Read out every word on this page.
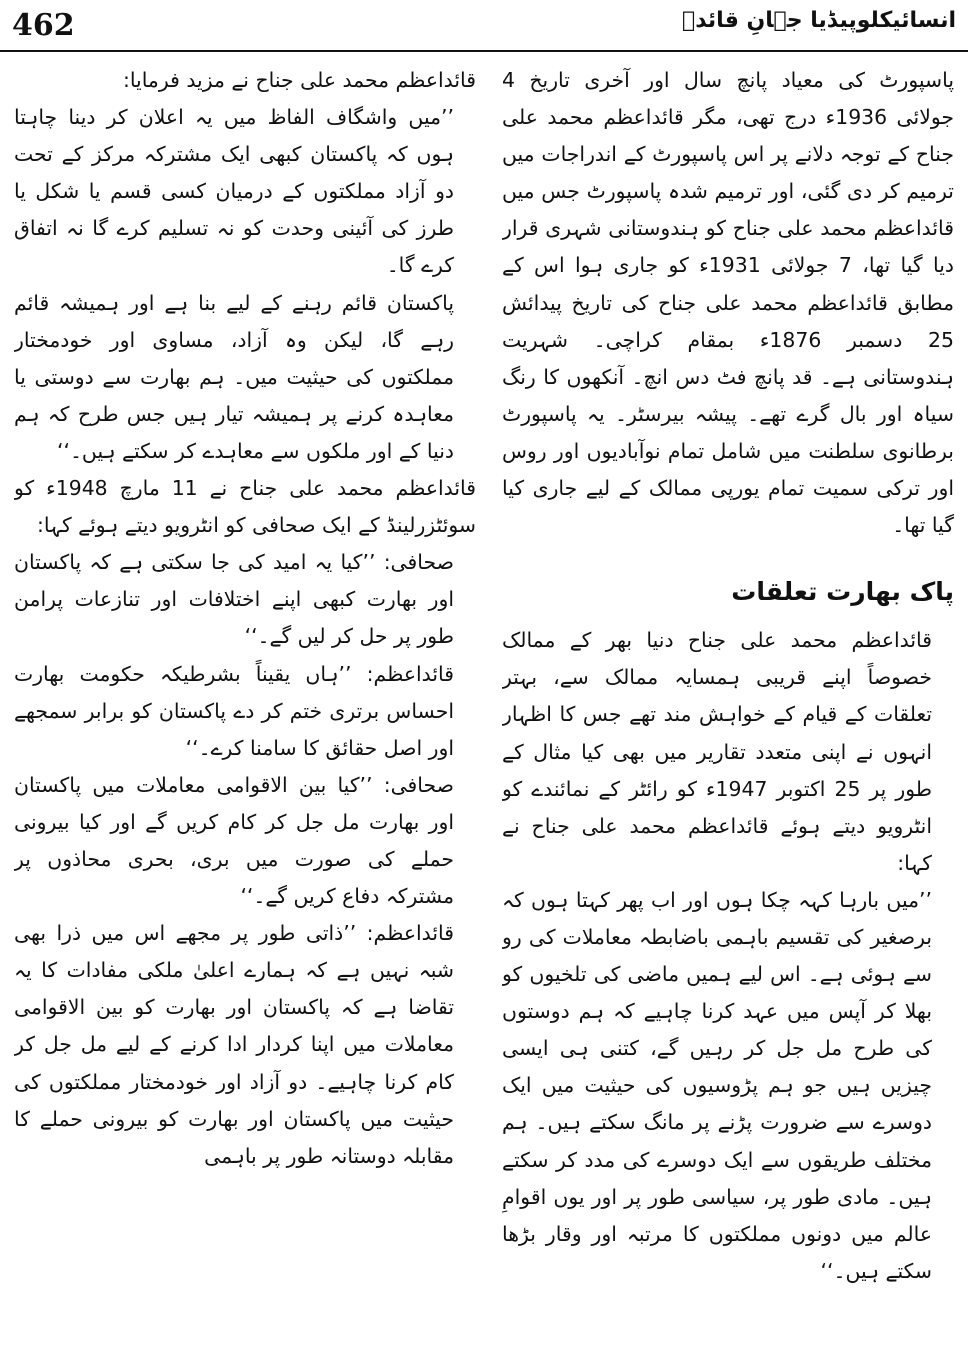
462	انسائیکلوپیڈیا جہانِ قائدؒ

پاسپورٹ کی معیاد پانچ سال اور آخری تاریخ 4 جولائی 1936ء درج تھی، مگر قائداعظم محمد علی جناح کے توجہ دلانے پر اس پاسپورٹ کے اندراجات میں ترمیم کر دی گئی، اور ترمیم شدہ پاسپورٹ جس میں قائداعظم محمد علی جناح کو ہندوستانی شہری قرار دیا گیا تھا، 7 جولائی 1931ء کو جاری ہوا اس کے مطابق قائداعظم محمد علی جناح کی تاریخ پیدائش 25 دسمبر 1876ء بمقام کراچی۔ شہریت ہندوستانی ہے۔ قد پانچ فٹ دس انچ۔ آنکھوں کا رنگ سیاہ اور بال گرے تھے۔ پیشہ بیرسٹر۔ یہ پاسپورٹ برطانوی سلطنت میں شامل تمام نوآبادیوں اور روس اور ترکی سمیت تمام یورپی ممالک کے لیے جاری کیا گیا تھا۔

پاک بھارت تعلقات

قائداعظم محمد علی جناح دنیا بھر کے ممالک خصوصاً اپنے قریبی ہمسایہ ممالک سے، بہتر تعلقات کے قیام کے خواہش مند تھے جس کا اظہار انہوں نے اپنی متعدد تقاریر میں بھی کیا مثال کے طور پر 25 اکتوبر 1947ء کو رائٹر کے نمائندے کو انٹرویو دیتے ہوئے قائداعظم محمد علی جناح نے کہا:

’’میں بارہا کہہ چکا ہوں اور اب پھر کہتا ہوں کہ برصغیر کی تقسیم باہمی باضابطہ معاملات کی رو سے ہوئی ہے۔ اس لیے ہمیں ماضی کی تلخیوں کو بھلا کر آپس میں عہد کرنا چاہیے کہ ہم دوستوں کی طرح مل جل کر رہیں گے، کتنی ہی ایسی چیزیں ہیں جو ہم پڑوسیوں کی حیثیت میں ایک دوسرے سے ضرورت پڑنے پر مانگ سکتے ہیں۔ ہم مختلف طریقوں سے ایک دوسرے کی مدد کر سکتے ہیں۔ مادی طور پر، سیاسی طور پر اور یوں اقوامِ عالم میں دونوں مملکتوں کا مرتبہ اور وقار بڑھا سکتے ہیں۔‘‘

قائداعظم محمد علی جناح نے مزید فرمایا:

’’میں واشگاف الفاظ میں یہ اعلان کر دینا چاہتا ہوں کہ پاکستان کبھی ایک مشترکہ مرکز کے تحت دو آزاد مملکتوں کے درمیان کسی قسم یا شکل یا طرز کی آئینی وحدت کو نہ تسلیم کرے گا نہ اتفاق کرے گا۔

پاکستان قائم رہنے کے لیے بنا ہے اور ہمیشہ قائم رہے گا، لیکن وہ آزاد، مساوی اور خودمختار مملکتوں کی حیثیت میں۔ ہم بھارت سے دوستی یا معاہدہ کرنے پر ہمیشہ تیار ہیں جس طرح کہ ہم دنیا کے اور ملکوں سے معاہدے کر سکتے ہیں۔‘‘

قائداعظم محمد علی جناح نے 11 مارچ 1948ء کو سوئٹزرلینڈ کے ایک صحافی کو انٹرویو دیتے ہوئے کہا:

صحافی: ’’کیا یہ امید کی جا سکتی ہے کہ پاکستان اور بھارت کبھی اپنے اختلافات اور تنازعات پرامن طور پر حل کر لیں گے۔‘‘

قائداعظم: ’’ہاں یقیناً بشرطیکہ حکومت بھارت احساس برتری ختم کر دے پاکستان کو برابر سمجھے اور اصل حقائق کا سامنا کرے۔‘‘

صحافی: ’’کیا بین الاقوامی معاملات میں پاکستان اور بھارت مل جل کر کام کریں گے اور کیا بیرونی حملے کی صورت میں بری، بحری محاذوں پر مشترکہ دفاع کریں گے۔‘‘

قائداعظم: ’’ذاتی طور پر مجھے اس میں ذرا بھی شبہ نہیں ہے کہ ہمارے اعلیٰ ملکی مفادات کا یہ تقاضا ہے کہ پاکستان اور بھارت کو بین الاقوامی معاملات میں اپنا کردار ادا کرنے کے لیے مل جل کر کام کرنا چاہیے۔ دو آزاد اور خودمختار مملکتوں کی حیثیت میں پاکستان اور بھارت کو بیرونی حملے کا مقابلہ دوستانہ طور پر باہمی
